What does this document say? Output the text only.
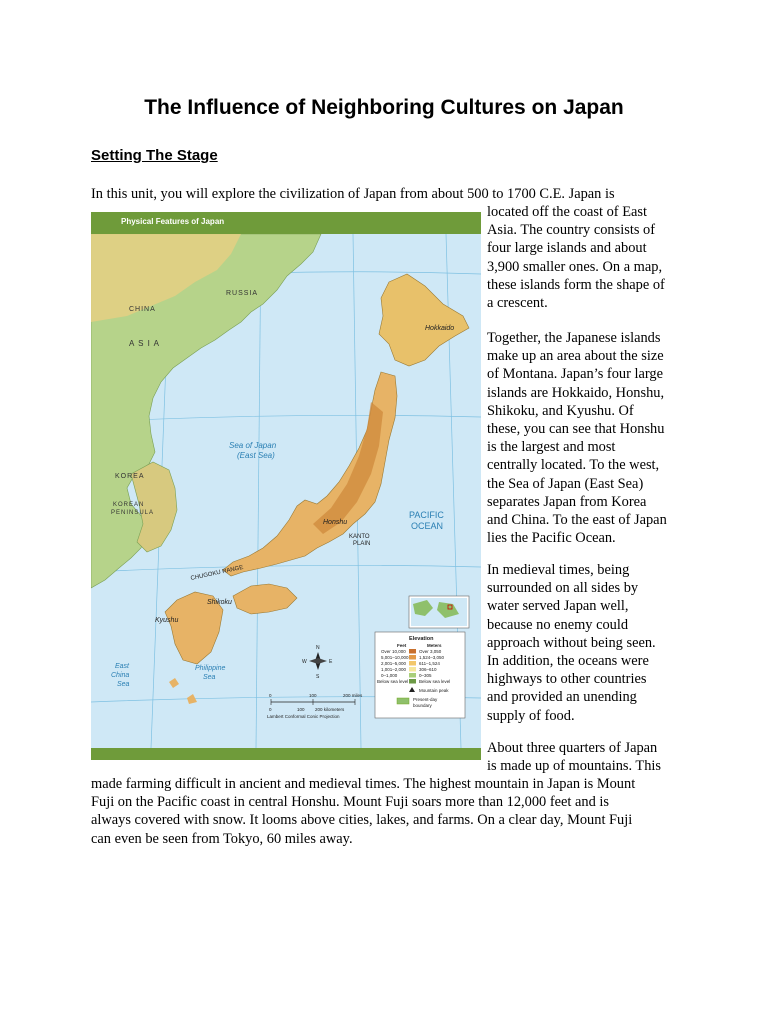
The Influence of Neighboring Cultures on Japan
Setting The Stage
In this unit, you will explore the civilization of Japan from about 500 to 1700 C.E. Japan is
located off the coast of East
Asia. The country consists of
four large islands and about
3,900 smaller ones. On a map,
these islands form the shape of
a crescent.
Together, the Japanese islands
make up an area about the size
of Montana. Japan’s four large
islands are Hokkaido, Honshu,
Shikoku, and Kyushu. Of
these, you can see that Honshu
is the largest and most
centrally located. To the west,
the Sea of Japan (East Sea)
separates Japan from Korea
and China. To the east of Japan
lies the Pacific Ocean.
In medieval times, being
surrounded on all sides by
water served Japan well,
because no enemy could
approach without being seen.
In addition, the oceans were
highways to other countries
and provided an unending
supply of food.
About three quarters of Japan
is made up of mountains. This
made farming difficult in ancient and medieval times. The highest mountain in Japan is Mount
Fuji on the Pacific coast in central Honshu. Mount Fuji soars more than 12,000 feet and is
always covered with snow. It looms above cities, lakes, and farms. On a clear day, Mount Fuji
can even be seen from Tokyo, 60 miles away.
CHINA
RUSSIA
A S I A
KOREA
KOREAN
PENINSULA
Sea of Japan
(East Sea)
PACIFIC
OCEAN
East
China
Sea
Philippine
Sea
Hokkaido
Honshu
Shikoku
Kyushu
KANTO
PLAIN
CHUGOKU RANGE
N
S
E
W
0	100	200 miles
0	100 200 kilometers
Lambert Conformal Conic Projection
Elevation
Feet	Meters
Over 10,000	Over 3,050
5,001–10,000 1,524–3,050
2,001–5,000	611–1,524
1,001–2,000	306–610
0–1,000	0–305
Below sea level Below sea level
Mountain peak
Present-day
boundary
Physical Features of Japan
